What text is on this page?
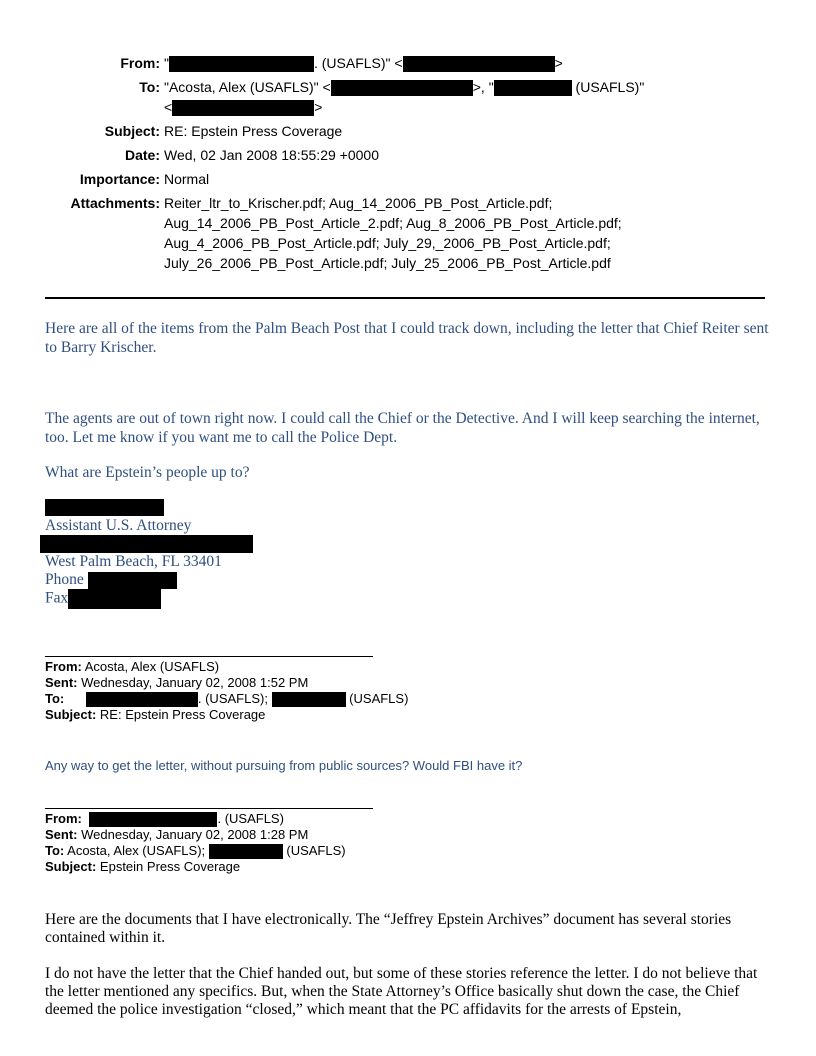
From: "	. (USAFLS)" <	>
To: "Acosta, Alex (USAFLS)" <	>, "	(USAFLS)"
<	>
Subject: RE: Epstein Press Coverage
Date: Wed, 02 Jan 2008 18:55:29 +0000
Importance: Normal
Attachments: Reiter_ltr_to_Krischer.pdf; Aug_14_2006_PB_Post_Article.pdf;
Aug_14_2006_PB_Post_Article_2.pdf; Aug_8_2006_PB_Post_Article.pdf;
Aug_4_2006_PB_Post_Article.pdf; July_29,_2006_PB_Post_Article.pdf;
July_26_2006_PB_Post_Article.pdf; July_25_2006_PB_Post_Article.pdf
Here are all of the items from the Palm Beach Post that I could track down, including the letter that Chief Reiter sent to Barry Krischer.
The agents are out of town right now. I could call the Chief or the Detective. And I will keep searching the internet, too. Let me know if you want me to call the Police Dept.
What are Epstein’s people up to?
Assistant U.S. Attorney
West Palm Beach, FL 33401
Phone
Fax
From: Acosta, Alex (USAFLS)
Sent: Wednesday, January 02, 2008 1:52 PM
To:	. (USAFLS);	(USAFLS)
Subject: RE: Epstein Press Coverage
Any way to get the letter, without pursuing from public sources? Would FBI have it?
From:	. (USAFLS)
Sent: Wednesday, January 02, 2008 1:28 PM
To: Acosta, Alex (USAFLS);	(USAFLS)
Subject: Epstein Press Coverage
Here are the documents that I have electronically. The “Jeffrey Epstein Archives” document has several stories contained within it.
I do not have the letter that the Chief handed out, but some of these stories reference the letter. I do not believe that the letter mentioned any specifics. But, when the State Attorney’s Office basically shut down the case, the Chief deemed the police investigation “closed,” which meant that the PC affidavits for the arrests of Epstein,
